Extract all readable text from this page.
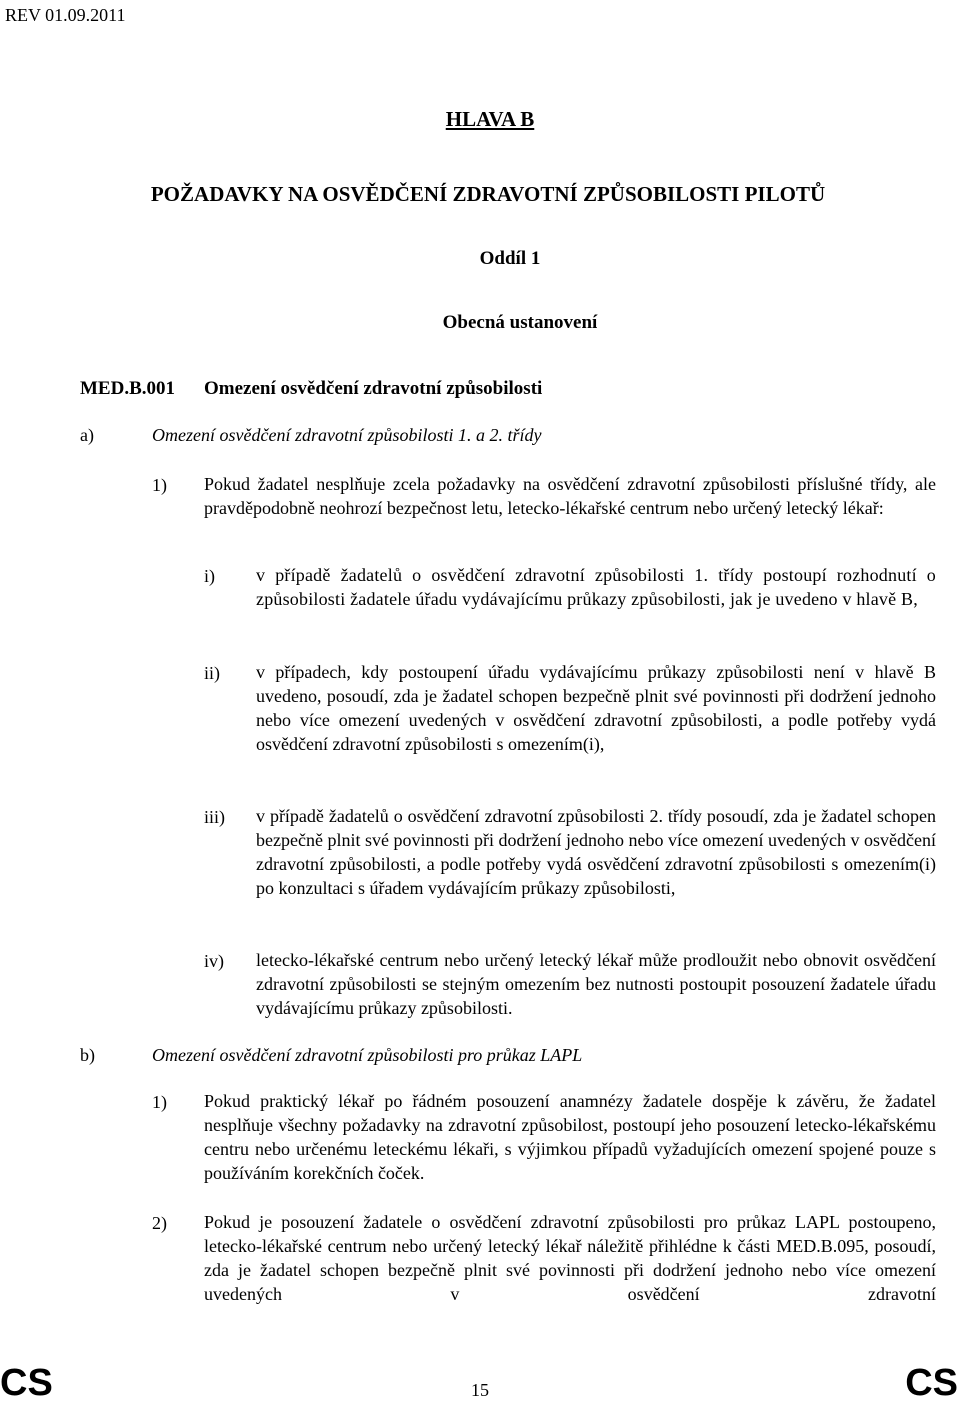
REV 01.09.2011
HLAVA B
POŽADAVKY NA OSVĚDČENÍ ZDRAVOTNÍ ZPŮSOBILOSTI PILOTŮ
Oddíl 1
Obecná ustanovení
MED.B.001 Omezení osvědčení zdravotní způsobilosti
a)	Omezení osvědčení zdravotní způsobilosti 1. a 2. třídy
1) Pokud žadatel nesplňuje zcela požadavky na osvědčení zdravotní způsobilosti příslušné třídy, ale pravděpodobně neohrozí bezpečnost letu, letecko-lékařské centrum nebo určený letecký lékař:
i) v případě žadatelů o osvědčení zdravotní způsobilosti 1. třídy postoupí rozhodnutí o způsobilosti žadatele úřadu vydávajícímu průkazy způsobilosti, jak je uvedeno v hlavě B,
ii) v případech, kdy postoupení úřadu vydávajícímu průkazy způsobilosti není v hlavě B uvedeno, posoudí, zda je žadatel schopen bezpečně plnit své povinnosti při dodržení jednoho nebo více omezení uvedených v osvědčení zdravotní způsobilosti, a podle potřeby vydá osvědčení zdravotní způsobilosti s omezením(i),
iii) v případě žadatelů o osvědčení zdravotní způsobilosti 2. třídy posoudí, zda je žadatel schopen bezpečně plnit své povinnosti při dodržení jednoho nebo více omezení uvedených v osvědčení zdravotní způsobilosti, a podle potřeby vydá osvědčení zdravotní způsobilosti s omezením(i) po konzultaci s úřadem vydávajícím průkazy způsobilosti,
iv) letecko-lékařské centrum nebo určený letecký lékař může prodloužit nebo obnovit osvědčení zdravotní způsobilosti se stejným omezením bez nutnosti postoupit posouzení žadatele úřadu vydávajícímu průkazy způsobilosti.
b)	Omezení osvědčení zdravotní způsobilosti pro průkaz LAPL
1) Pokud praktický lékař po řádném posouzení anamnézy žadatele dospěje k závěru, že žadatel nesplňuje všechny požadavky na zdravotní způsobilost, postoupí jeho posouzení letecko-lékařskému centru nebo určenému leteckému lékaři, s výjimkou případů vyžadujících omezení spojené pouze s používáním korekčních čoček.
2) Pokud je posouzení žadatele o osvědčení zdravotní způsobilosti pro průkaz LAPL postoupeno, letecko-lékařské centrum nebo určený letecký lékař náležitě přihlédne k části MED.B.095, posoudí, zda je žadatel schopen bezpečně plnit své povinnosti při dodržení jednoho nebo více omezení uvedených v osvědčení zdravotní
CS	15	CS
